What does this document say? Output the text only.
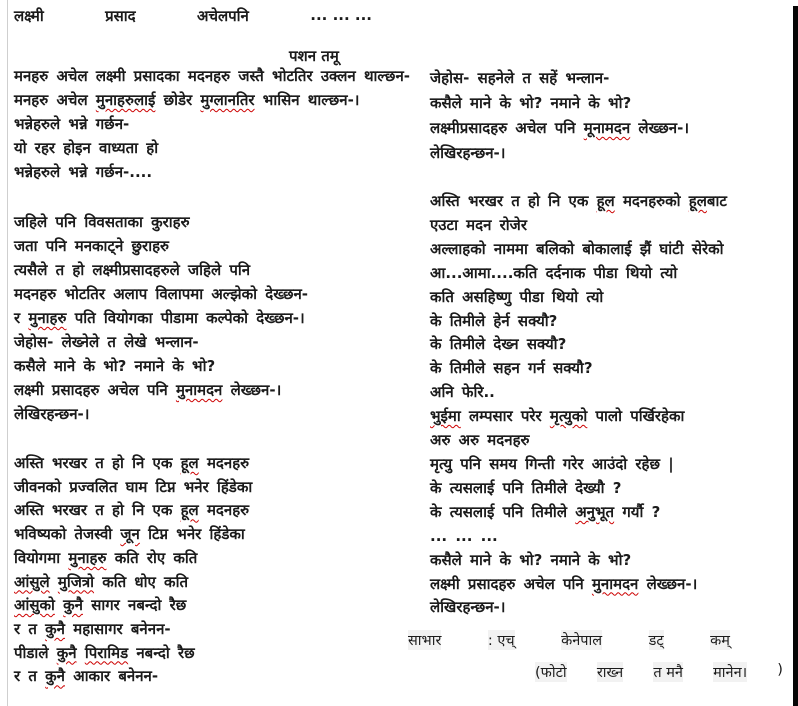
लक्ष्मी	प्रसाद	अचेलपनि	... ... ...
पशन तमू
मनहरु अचेल लक्ष्मी प्रसादका मदनहरु जस्तै भोटतिर उक्लन थाल्छन-
मनहरु अचेल मुनाहरुलाई छोडेर मुग्लानतिर भासिन थाल्छन-।
भन्नेहरुले भन्ने गर्छन-
यो रहर होइन वाध्यता हो
भन्नेहरुले भन्ने गर्छन-....
जहिले पनि विवसताका कुराहरु
जता पनि मनकाट्ने छुराहरु
त्यसैले त हो लक्ष्मीप्रसादहरुले जहिले पनि
मदनहरु भोटतिर अलाप विलापमा अल्झेको देख्छन-
र मुनाहरु पति वियोगका पीडामा कल्पेको देख्छन-।
जेहोस- लेख्नेले त लेखे भन्लान-
कसैले माने के भो? नमाने के भो?
लक्ष्मी प्रसादहरु अचेल पनि मुनामदन लेख्छन-।
लेखिरहन्छन-।
अस्ति भरखर त हो नि एक हूल मदनहरु
जीवनको प्रज्वलित घाम टिप्न भनेर हिंडेका
अस्ति भरखर त हो नि एक हूल मदनहरु
भविष्यको तेजस्वी जून टिप्न भनेर हिंडेका
वियोगमा मुनाहरु कति रोए कति
आंसुले मुजित्रो कति धोए कति
आंसुको कुनै सागर नबन्दो रैछ
र त कुनै महासागर बनेनन-
पीडाले कुनै पिरामिड नबन्दो रैछ
र त कुनै आकार बनेनन-
जेहोस- सहनेले त सहें भन्लान-
कसैले माने के भो? नमाने के भो?
लक्ष्मीप्रसादहरु अचेल पनि मूनामदन लेख्छन-।
लेखिरहन्छन-।
अस्ति भरखर त हो नि एक हूल मदनहरुको हूलबाट
एउटा मदन रोजेर
अल्लाहको नाममा बलिको बोकालाई झैं घांटी सेरेको
आ...आमा....कति दर्दनाक पीडा थियो त्यो
कति असहिष्णु पीडा थियो त्यो
के तिमीले हेर्न सक्यौ?
के तिमीले देख्न सक्यौ?
के तिमीले सहन गर्न सक्यौ?
अनि फेरि..
भुईमा लम्पसार परेर मृत्युको पालो पर्खिरहेका
अरु अरु मदनहरु
मृत्यु पनि समय गिन्ती गरेर आउंदो रहेछ |
के त्यसलाई पनि तिमीले देख्यौ ?
के त्यसलाई पनि तिमीले अनुभूत गर्यौ ?
... ... ...
कसैले माने के भो? नमाने के भो?
लक्ष्मी प्रसादहरु अचेल पनि मुनामदन लेख्छन-।
लेखिरहन्छन-।
साभार	: एच्	केनेपाल	डट्	कम्
(फोटो राख्न त मनै मानेन। )
